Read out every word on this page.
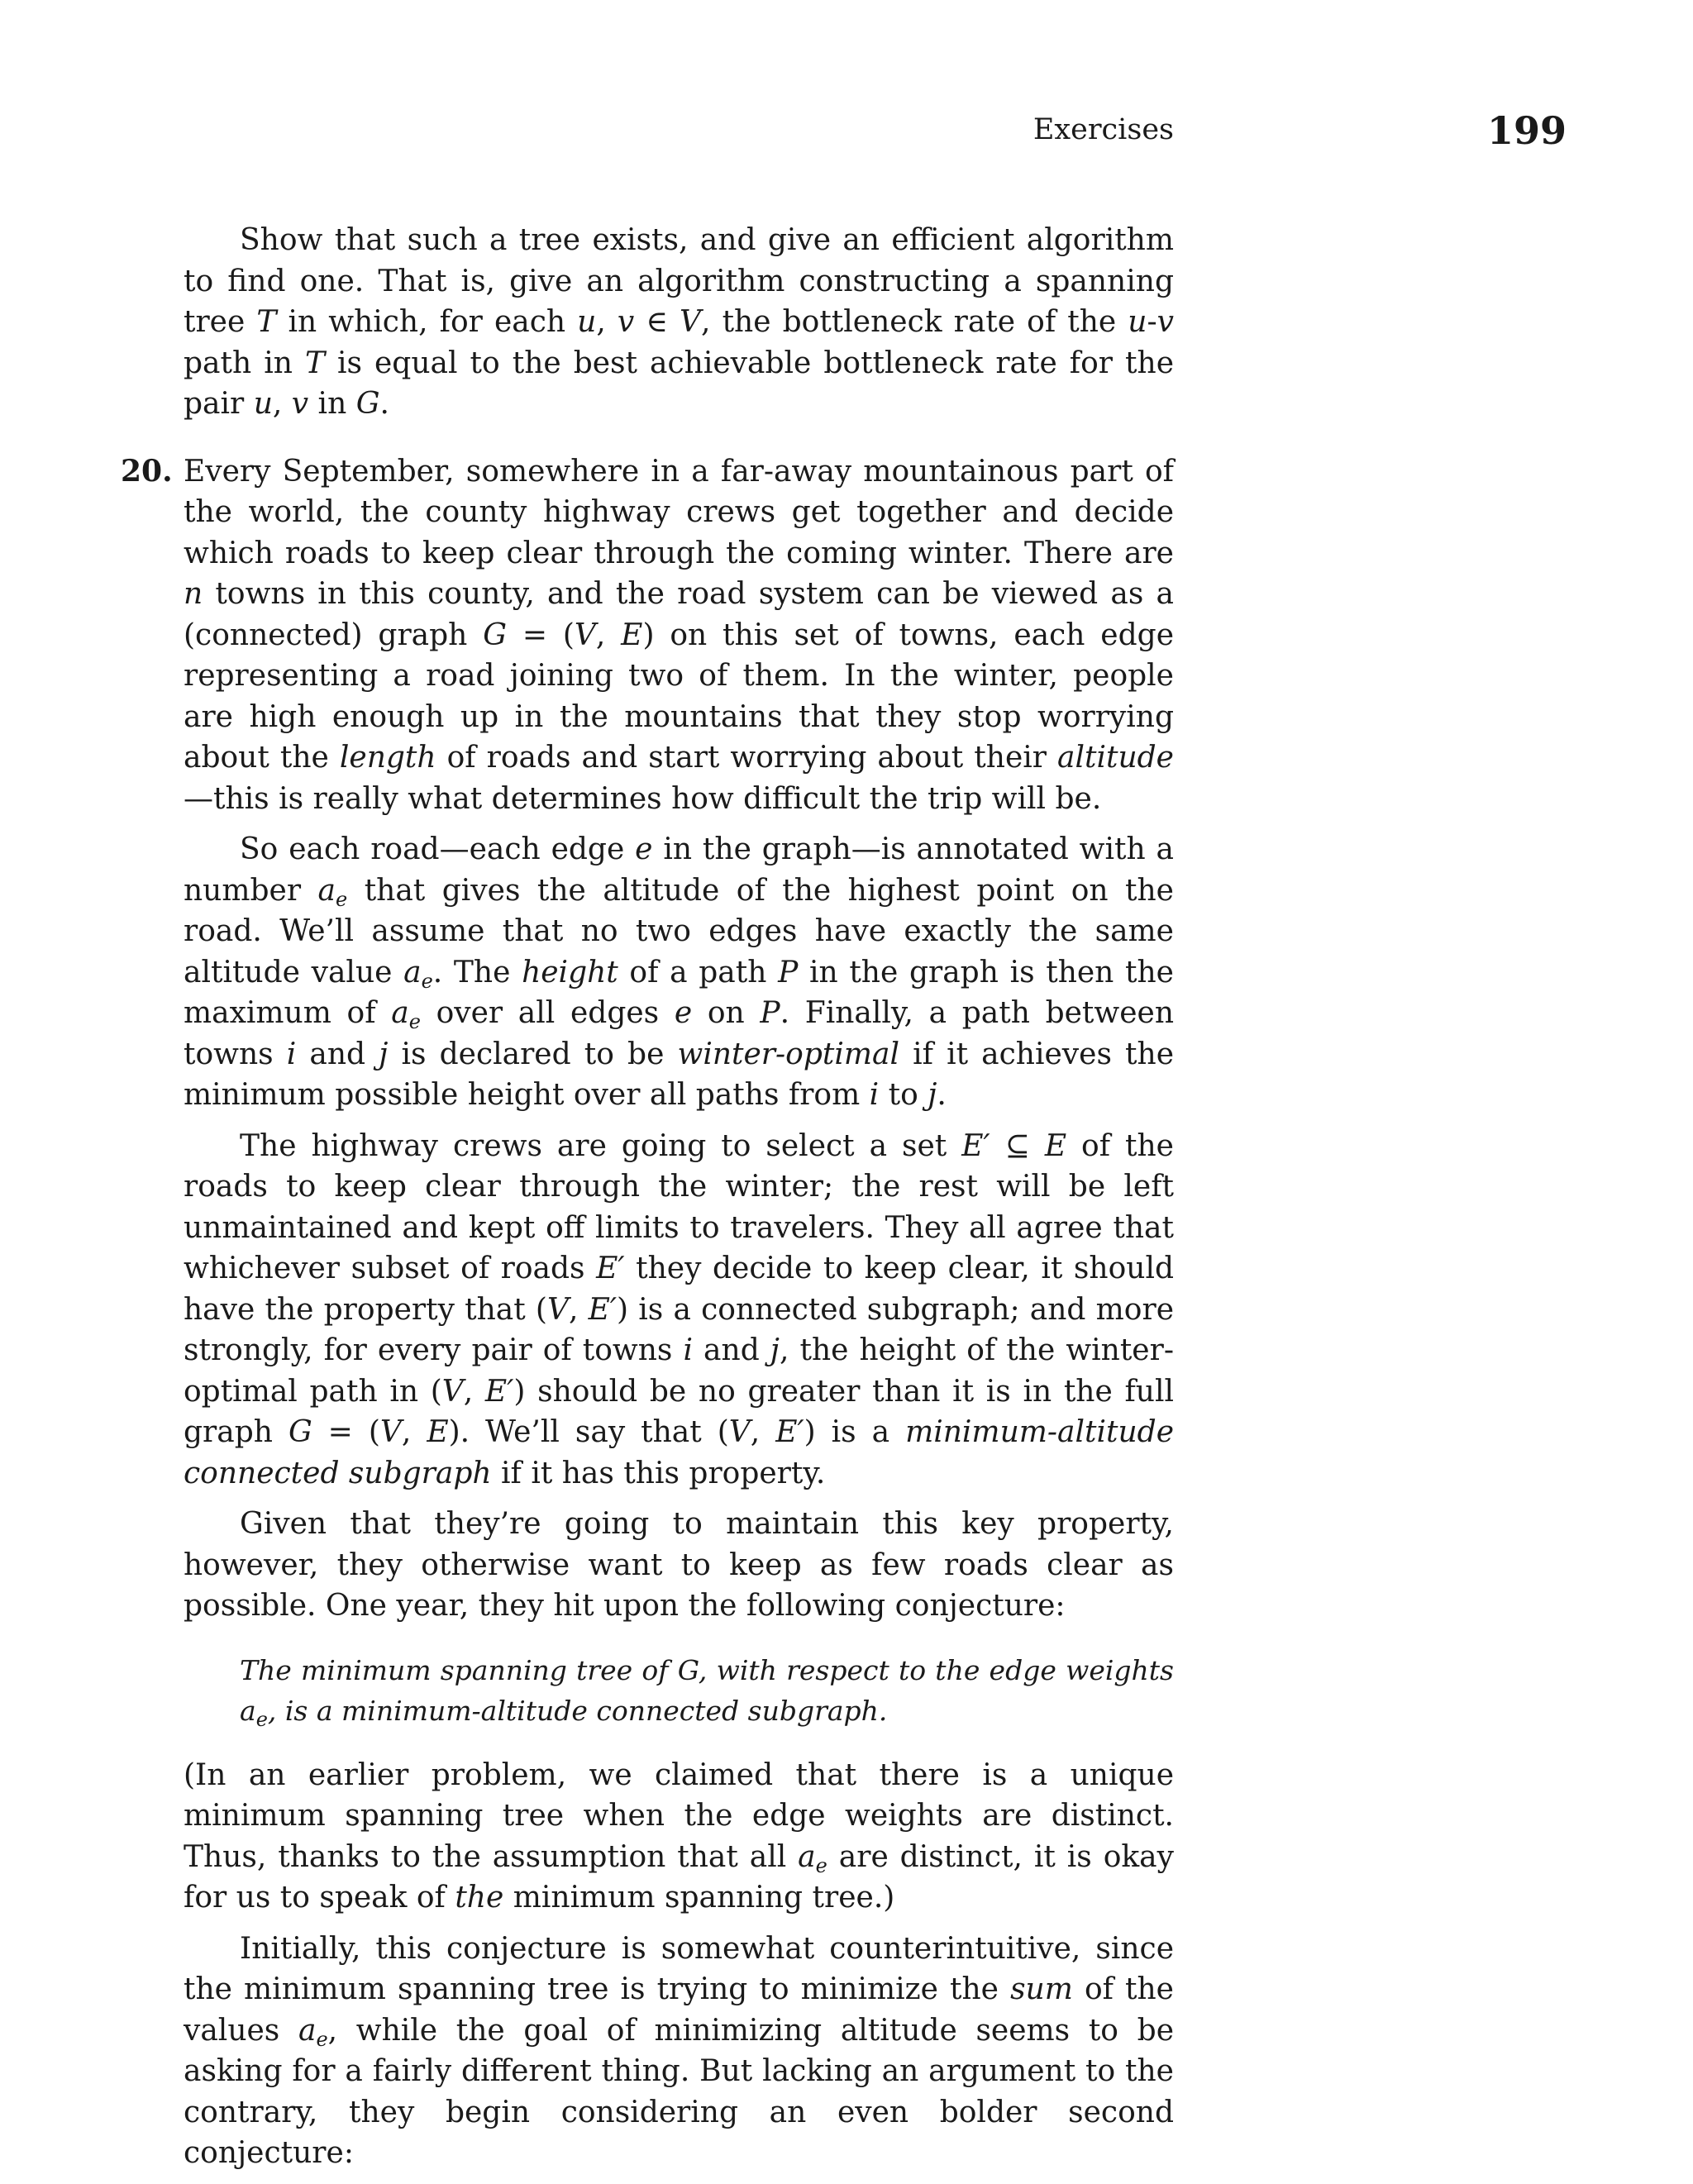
Exercises	199

Show that such a tree exists, and give an efficient algorithm to find one. That is, give an algorithm constructing a spanning tree T in which, for each u, v ∈ V, the bottleneck rate of the u-v path in T is equal to the best achievable bottleneck rate for the pair u, v in G.

20. Every September, somewhere in a far-away mountainous part of the world, the county highway crews get together and decide which roads to keep clear through the coming winter. There are n towns in this county, and the road system can be viewed as a (connected) graph G = (V, E) on this set of towns, each edge representing a road joining two of them. In the winter, people are high enough up in the mountains that they stop worrying about the length of roads and start worrying about their altitude—this is really what determines how difficult the trip will be.

So each road—each edge e in the graph—is annotated with a number $a_e$ that gives the altitude of the highest point on the road. We’ll assume that no two edges have exactly the same altitude value $a_e$. The height of a path P in the graph is then the maximum of $a_e$ over all edges e on P. Finally, a path between towns i and j is declared to be winter-optimal if it achieves the minimum possible height over all paths from i to j.

The highway crews are going to select a set E′ ⊆ E of the roads to keep clear through the winter; the rest will be left unmaintained and kept off limits to travelers. They all agree that whichever subset of roads E′ they decide to keep clear, it should have the property that (V, E′) is a connected subgraph; and more strongly, for every pair of towns i and j, the height of the winter-optimal path in (V, E′) should be no greater than it is in the full graph G = (V, E). We’ll say that (V, E′) is a minimum-altitude connected subgraph if it has this property.

Given that they’re going to maintain this key property, however, they otherwise want to keep as few roads clear as possible. One year, they hit upon the following conjecture:

The minimum spanning tree of G, with respect to the edge weights $a_e$, is a minimum-altitude connected subgraph.

(In an earlier problem, we claimed that there is a unique minimum spanning tree when the edge weights are distinct. Thus, thanks to the assumption that all $a_e$ are distinct, it is okay for us to speak of the minimum spanning tree.)

Initially, this conjecture is somewhat counterintuitive, since the minimum spanning tree is trying to minimize the sum of the values $a_e$, while the goal of minimizing altitude seems to be asking for a fairly different thing. But lacking an argument to the contrary, they begin considering an even bolder second conjecture:
